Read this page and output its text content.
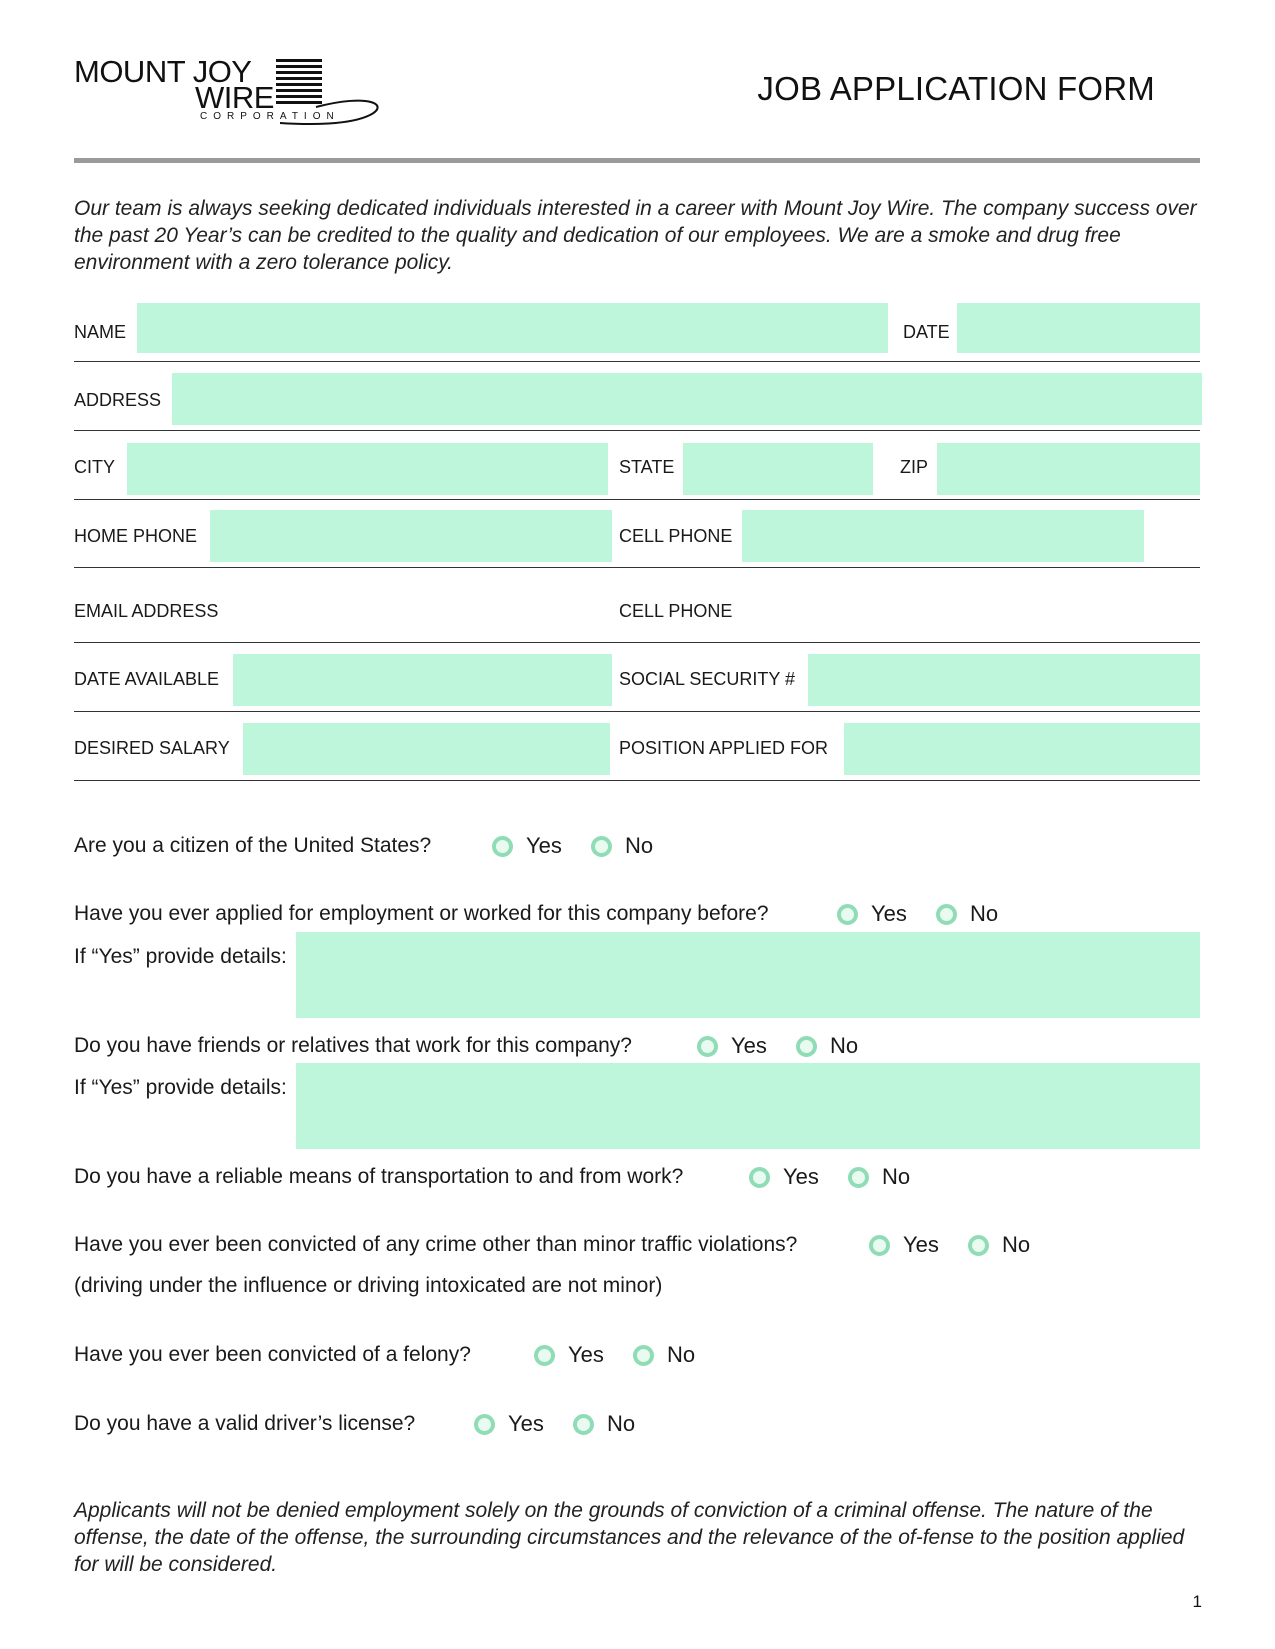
MOUNT JOY
WIRE
CORPORATION
JOB APPLICATION FORM

Our team is always seeking dedicated individuals interested in a career with Mount Joy Wire. The company success over the past 20 Year’s can be credited to the quality and dedication of our employees. We are a smoke and drug free environment with a zero tolerance policy.

NAME	DATE
ADDRESS
CITY	STATE	ZIP
HOME PHONE	CELL PHONE
EMAIL ADDRESS	CELL PHONE
DATE AVAILABLE	SOCIAL SECURITY #
DESIRED SALARY	POSITION APPLIED FOR
Are you a citizen of the United States?	Yes	No
Have you ever applied for employment or worked for this company before?	Yes	No
If “Yes” provide details:
Do you have friends or relatives that work for this company?	Yes	No
If “Yes” provide details:
Do you have a reliable means of transportation to and from work?	Yes	No
Have you ever been convicted of any crime other than minor traffic violations?	Yes	No
(driving under the influence or driving intoxicated are not minor)
Have you ever been convicted of a felony?	Yes	No
Do you have a valid driver’s license?	Yes	No

Applicants will not be denied employment solely on the grounds of conviction of a criminal offense. The nature of the offense, the date of the offense, the surrounding circumstances and the relevance of the of-fense to the position applied for will be considered.

1
